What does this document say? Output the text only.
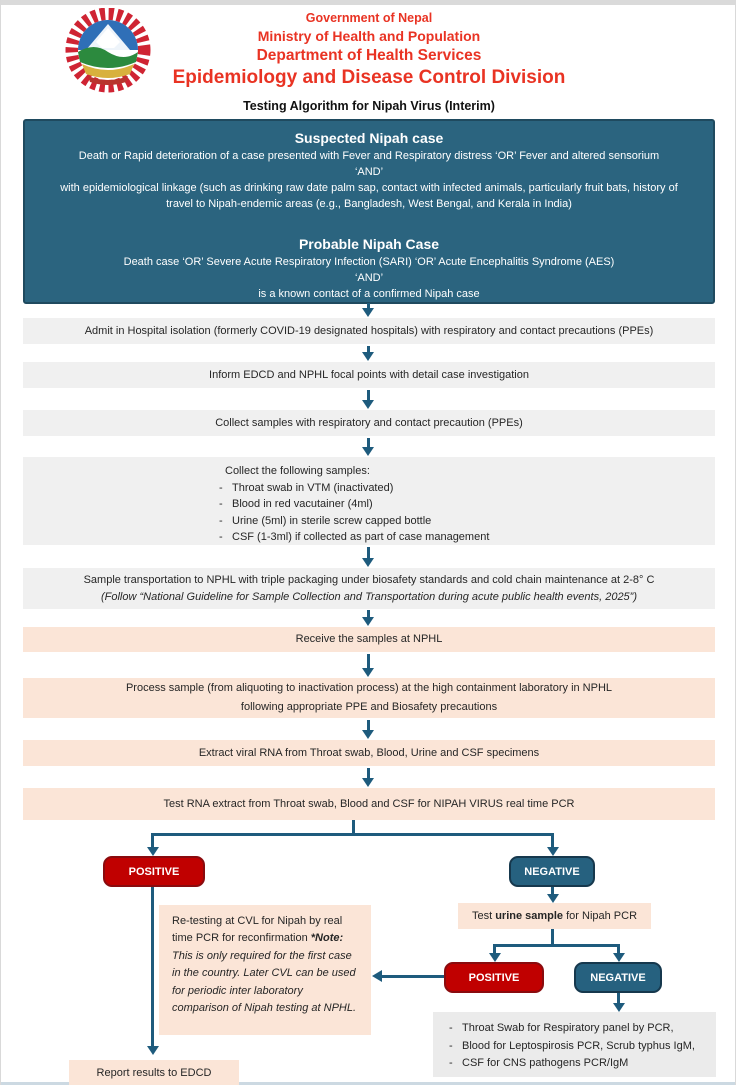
Government of Nepal
Ministry of Health and Population
Department of Health Services
Epidemiology and Disease Control Division
Testing Algorithm for Nipah Virus (Interim)
Suspected Nipah case
Death or Rapid deterioration of a case presented with Fever and Respiratory distress ‘OR’ Fever and altered sensorium
‘AND’
with epidemiological linkage (such as drinking raw date palm sap, contact with infected animals, particularly fruit bats, history of travel to Nipah-endemic areas (e.g., Bangladesh, West Bengal, and Kerala in India)
Probable Nipah Case
Death case ‘OR’ Severe Acute Respiratory Infection (SARI) ‘OR’ Acute Encephalitis Syndrome (AES)
‘AND’
is a known contact of a confirmed Nipah case
Admit in Hospital isolation (formerly COVID-19 designated hospitals) with respiratory and contact precautions (PPEs)
Inform EDCD and NPHL focal points with detail case investigation
Collect samples with respiratory and contact precaution (PPEs)
Collect the following samples:
- Throat swab in VTM (inactivated)
- Blood in red vacutainer (4ml)
- Urine (5ml) in sterile screw capped bottle
- CSF (1-3ml) if collected as part of case management
Sample transportation to NPHL with triple packaging under biosafety standards and cold chain maintenance at 2-8° C
(Follow “National Guideline for Sample Collection and Transportation during acute public health events, 2025”)
Receive the samples at NPHL
Process sample (from aliquoting to inactivation process) at the high containment laboratory in NPHL
following appropriate PPE and Biosafety precautions
Extract viral RNA from Throat swab, Blood, Urine and CSF specimens
Test RNA extract from Throat swab, Blood and CSF for NIPAH VIRUS real time PCR
POSITIVE	NEGATIVE
Re-testing at CVL for Nipah by real time PCR for reconfirmation *Note: This is only required for the first case in the country. Later CVL can be used for periodic inter laboratory comparison of Nipah testing at NPHL.
Report results to EDCD
Test urine sample for Nipah PCR
POSITIVE	NEGATIVE
- Throat Swab for Respiratory panel by PCR,
- Blood for Leptospirosis PCR, Scrub typhus IgM,
- CSF for CNS pathogens PCR/IgM
